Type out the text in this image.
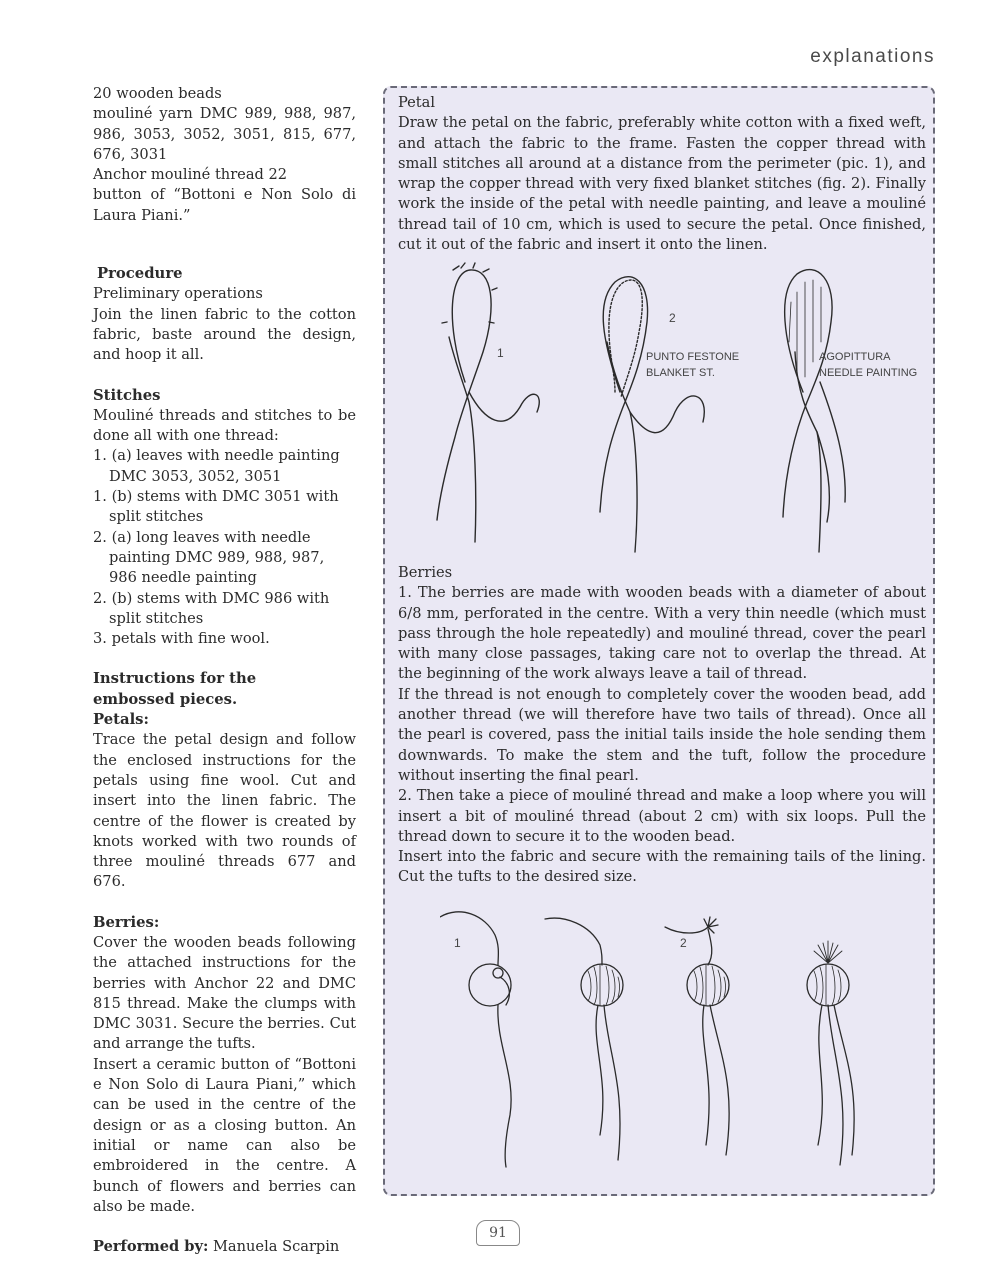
explanations

20 wooden beads

mouliné yarn DMC 989, 988, 987, 986, 3053, 3052, 3051, 815, 677, 676, 3031

Anchor mouliné thread 22

button of “Bottoni e Non Solo di Laura Piani.”

Procedure

Preliminary operations

Join the linen fabric to the cotton fabric, baste around the design, and hoop it all.

Stitches

Mouliné threads and stitches to be done all with one thread:

1. (a) leaves with needle painting DMC 3053, 3052, 3051
1. (b) stems with DMC 3051 with split stitches
2. (a) long leaves with needle painting DMC 989, 988, 987, 986 needle painting
2. (b) stems with DMC 986 with split stitches
3. petals with fine wool.
Instructions for the
embossed pieces.
Petals:

Trace the petal design and follow the enclosed instructions for the petals using fine wool. Cut and insert into the linen fabric. The centre of the flower is created by knots worked with two rounds of three mouliné threads 677 and 676.

Berries:

Cover the wooden beads following the attached instructions for the berries with Anchor 22 and DMC 815 thread. Make the clumps with DMC 3031. Secure the berries. Cut and arrange the tufts.

Insert a ceramic button of “Bottoni e Non Solo di Laura Piani,” which can be used in the centre of the design or as a closing button. An initial or name can also be embroidered in the centre. A bunch of flowers and berries can also be made.

Performed by: Manuela Scarpin

Petal

Draw the petal on the fabric, preferably white cotton with a fixed weft, and attach the fabric to the frame. Fasten the copper thread with small stitches all around at a distance from the perimeter (pic. 1), and wrap the copper thread with very fixed blanket stitches (fig. 2). Finally work the inside of the petal with needle painting, and leave a mouliné thread tail of 10 cm, which is used to secure the petal. Once finished, cut it out of the fabric and insert it onto the linen.

1
2
PUNTO FESTONE
BLANKET ST.
AGOPITTURA
NEEDLE PAINTING

Berries

1. The berries are made with wooden beads with a diameter of about 6/8 mm, perforated in the centre. With a very thin needle (which must pass through the hole repeatedly) and mouliné thread, cover the pearl with many close passages, taking care not to overlap the thread. At the beginning of the work always leave a tail of thread.

If the thread is not enough to completely cover the wooden bead, add another thread (we will therefore have two tails of thread). Once all the pearl is covered, pass the initial tails inside the hole sending them downwards. To make the stem and the tuft, follow the procedure without inserting the final pearl.

2. Then take a piece of mouliné thread and make a loop where you will insert a bit of mouliné thread (about 2 cm) with six loops. Pull the thread down to secure it to the wooden bead.

Insert into the fabric and secure with the remaining tails of the lining. Cut the tufts to the desired size.

1	2
91
